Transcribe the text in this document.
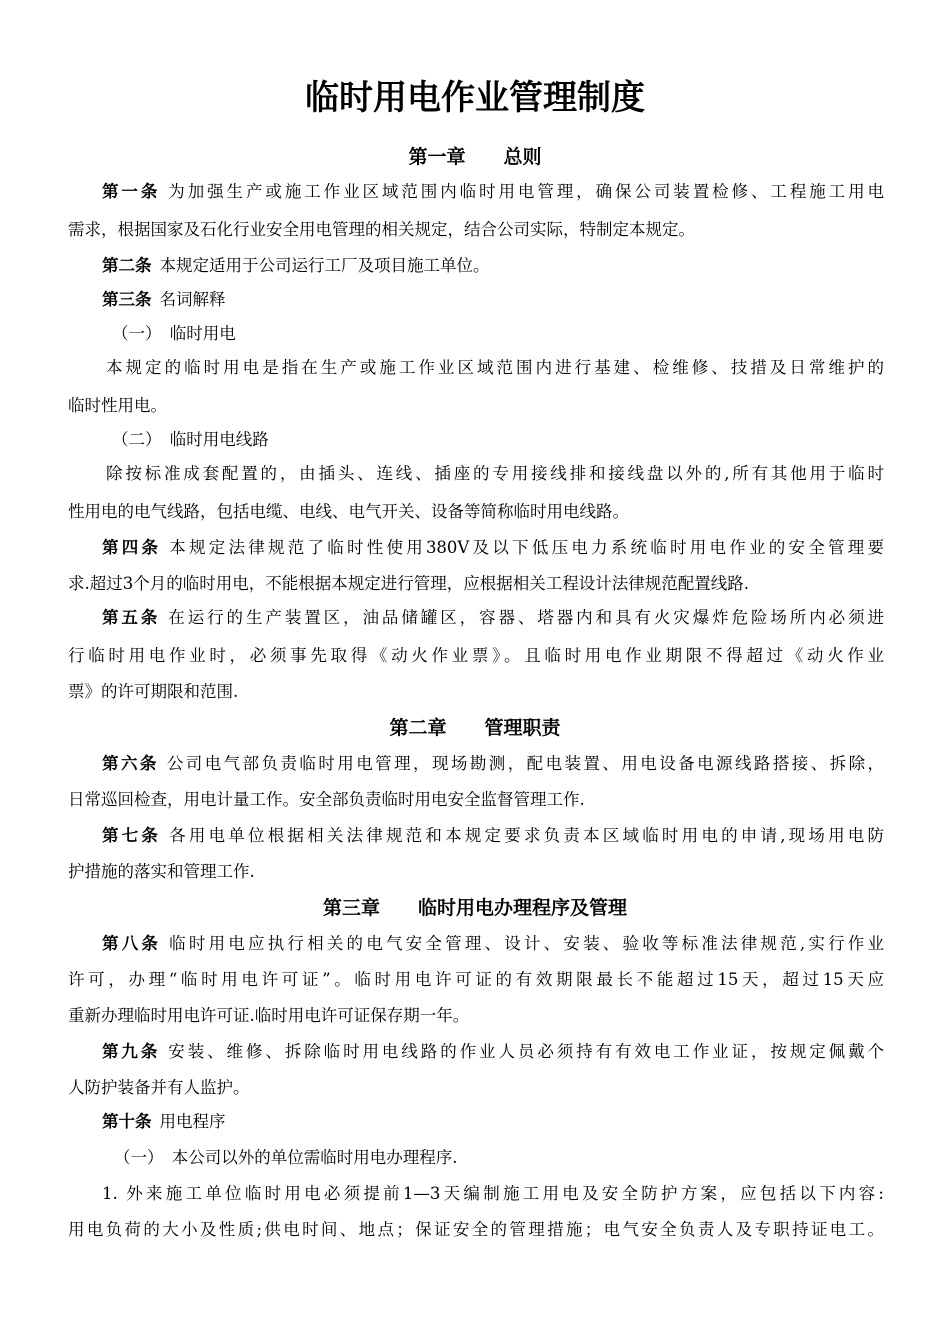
临时用电作业管理制度
第一章　　总则
第一条 为加强生产或施工作业区域范围内临时用电管理，确保公司装置检修、工程施工用电
需求，根据国家及石化行业安全用电管理的相关规定，结合公司实际，特制定本规定。
第二条 本规定适用于公司运行工厂及项目施工单位。
第三条 名词解释
（一）　临时用电
本规定的临时用电是指在生产或施工作业区域范围内进行基建、检维修、技措及日常维护的
临时性用电。
（二）　临时用电线路
除按标准成套配置的，由插头、连线、插座的专用接线排和接线盘以外的,所有其他用于临时
性用电的电气线路，包括电缆、电线、电气开关、设备等简称临时用电线路。
第四条 本规定法律规范了临时性使用380V及以下低压电力系统临时用电作业的安全管理要
求.超过3个月的临时用电，不能根据本规定进行管理，应根据相关工程设计法律规范配置线路.
第五条 在运行的生产装置区，油品储罐区，容器、塔器内和具有火灾爆炸危险场所内必须进
行临时用电作业时，必须事先取得《动火作业票》。且临时用电作业期限不得超过《动火作业
票》的许可期限和范围.
第二章　　管理职责
第六条 公司电气部负责临时用电管理，现场勘测，配电装置、用电设备电源线路搭接、拆除，
日常巡回检查，用电计量工作。安全部负责临时用电安全监督管理工作.
第七条 各用电单位根据相关法律规范和本规定要求负责本区域临时用电的申请,现场用电防
护措施的落实和管理工作.
第三章　　临时用电办理程序及管理
第八条 临时用电应执行相关的电气安全管理、设计、安装、验收等标准法律规范,实行作业
许可，办理“临时用电许可证”。临时用电许可证的有效期限最长不能超过15天，超过15天应
重新办理临时用电许可证.临时用电许可证保存期一年。
第九条 安装、维修、拆除临时用电线路的作业人员必须持有有效电工作业证，按规定佩戴个
人防护装备并有人监护。
第十条 用电程序
（一）　本公司以外的单位需临时用电办理程序.
1. 外来施工单位临时用电必须提前1—3天编制施工用电及安全防护方案，应包括以下内容:
用电负荷的大小及性质;供电时间、地点；保证安全的管理措施；电气安全负责人及专职持证电工。
